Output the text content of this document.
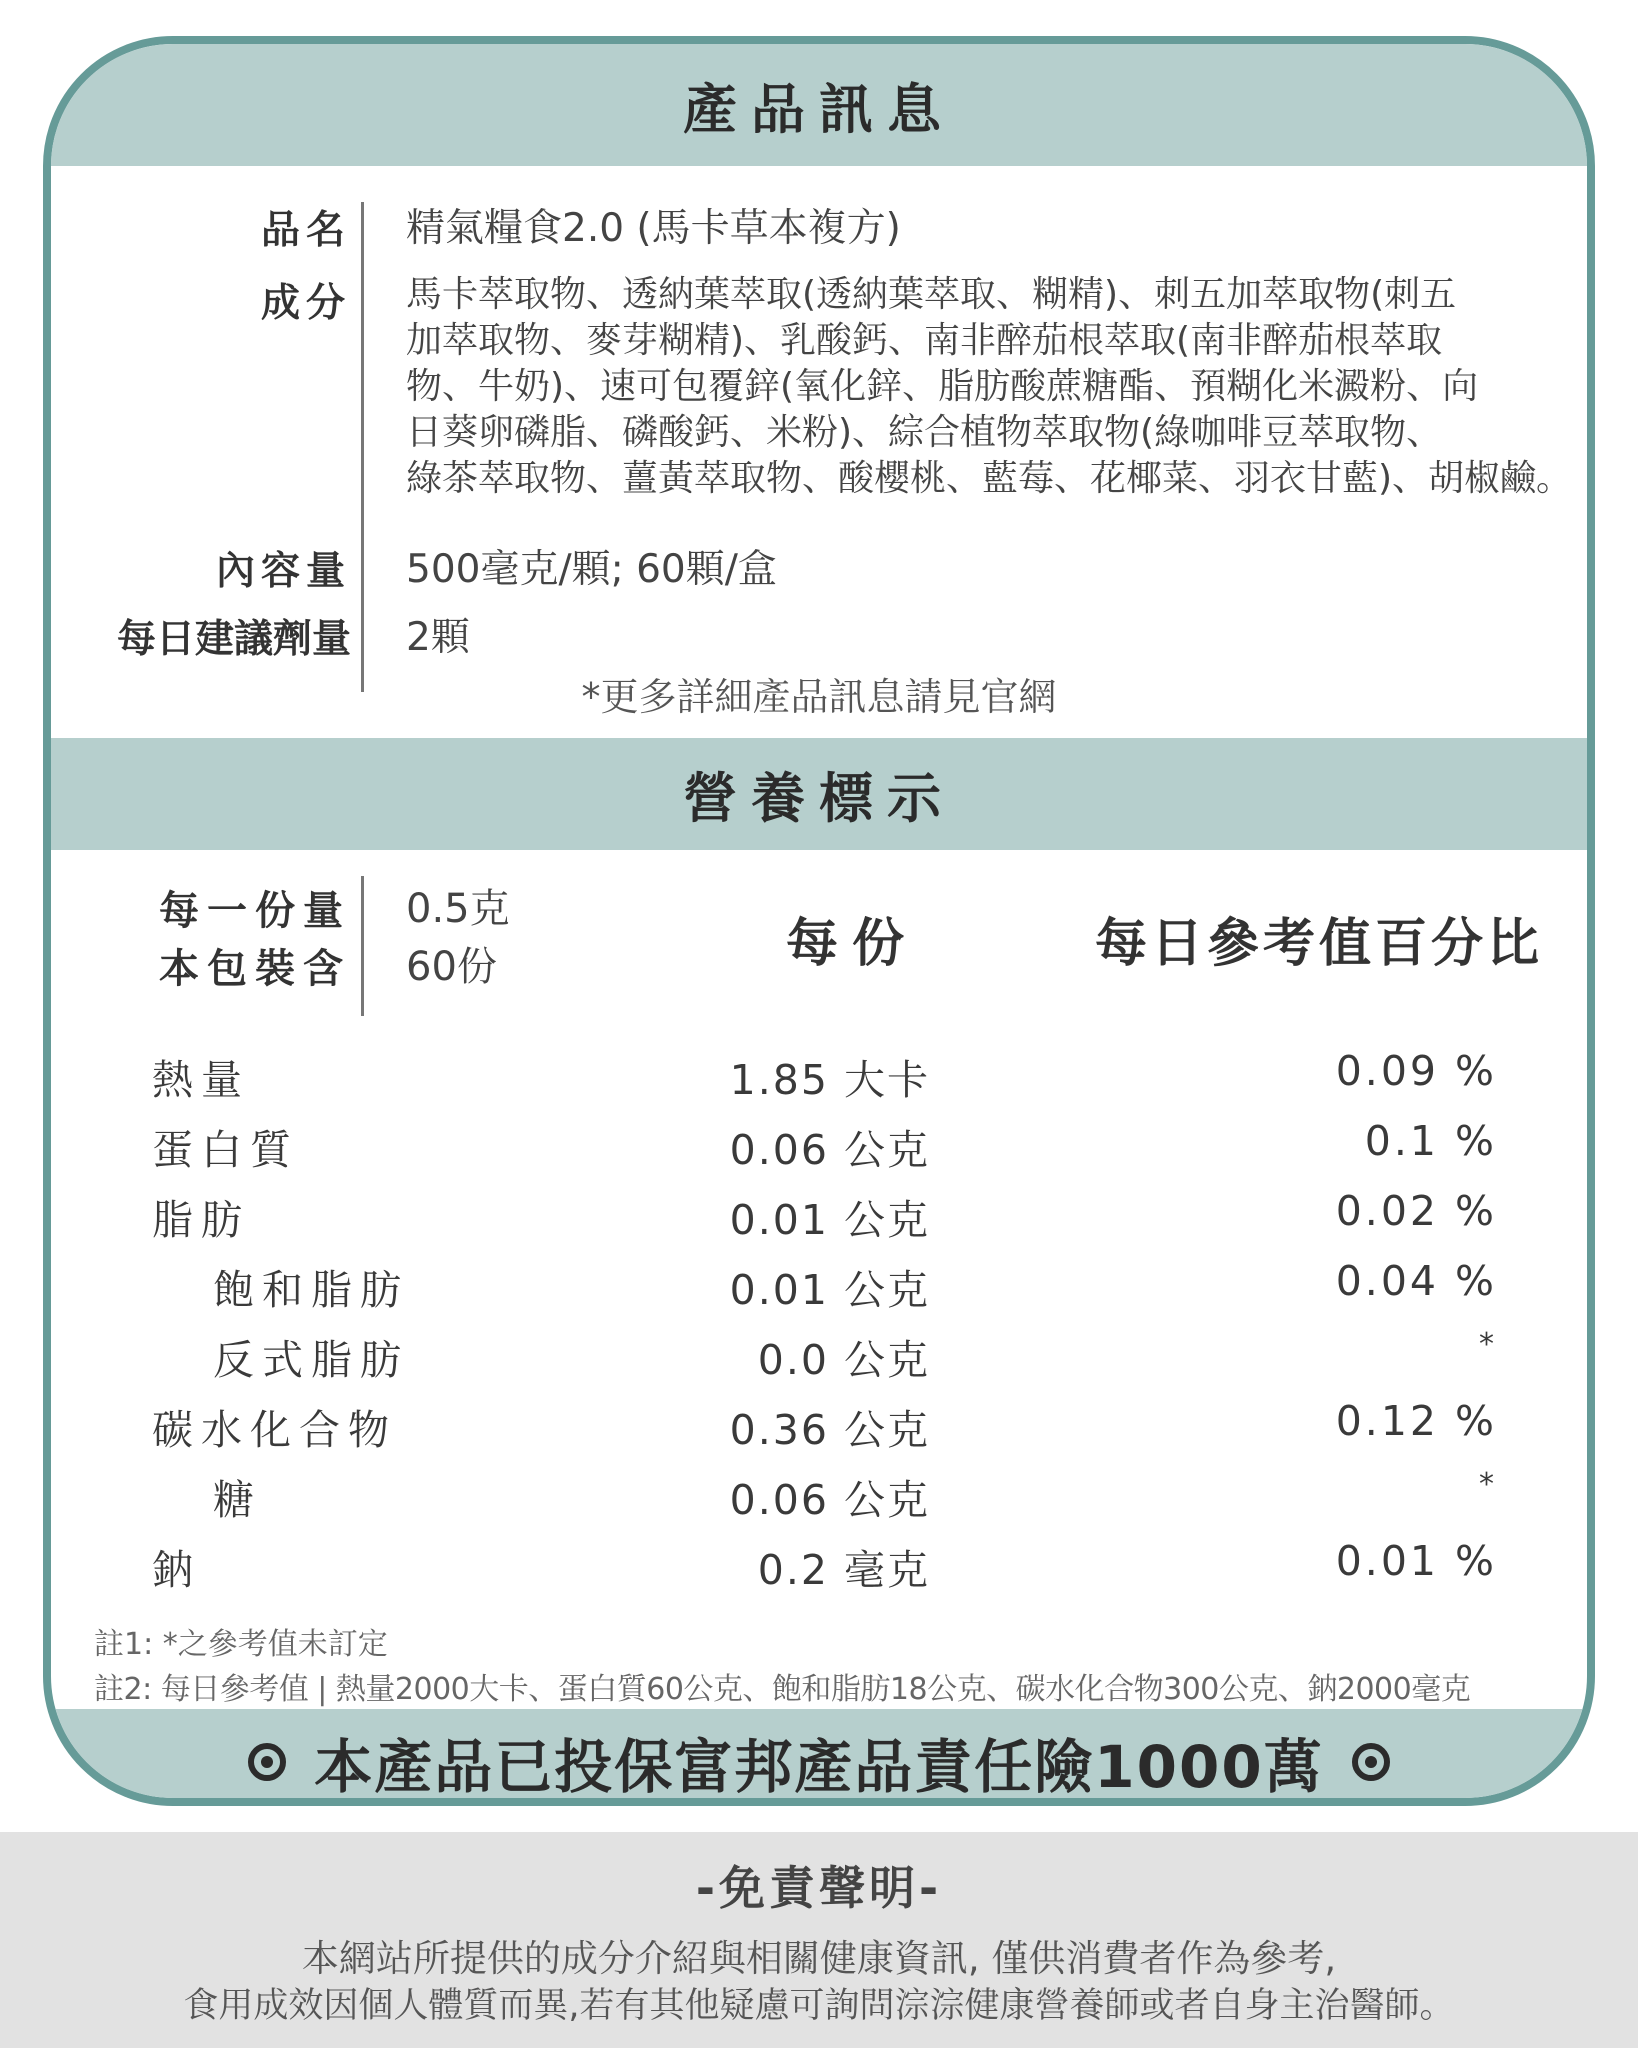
產品訊息
品名 精氣糧食2.0 (馬卡草本複方)
成分 馬卡萃取物、透納葉萃取(透納葉萃取、糊精)、刺五加萃取物(刺五
加萃取物、麥芽糊精)、乳酸鈣、南非醉茄根萃取(南非醉茄根萃取
物、牛奶)、速可包覆鋅(氧化鋅、脂肪酸蔗糖酯、預糊化米澱粉、向
日葵卵磷脂、磷酸鈣、米粉)、綜合植物萃取物(綠咖啡豆萃取物、
綠茶萃取物、薑黃萃取物、酸櫻桃、藍莓、花椰菜、羽衣甘藍)、胡椒鹼。
內容量 500毫克/顆; 60顆/盒
每日建議劑量 2顆
*更多詳細產品訊息請見官網
營養標示
每一份量 0.5克
本包裝含 60份	每份	每日參考值百分比
熱量	1.85 大卡	0.09 %
蛋白質	0.06 公克	0.1 %
脂肪	0.01 公克	0.02 %
飽和脂肪	0.01 公克	0.04 %
反式脂肪	0.0 公克	*
碳水化合物	0.36 公克	0.12 %
糖	0.06 公克	*
鈉	0.2 毫克	0.01 %
註1: *之參考值未訂定
註2: 每日參考值 | 熱量2000大卡、蛋白質60公克、飽和脂肪18公克、碳水化合物300公克、鈉2000毫克
本產品已投保富邦產品責任險1000萬
-免責聲明-
本網站所提供的成分介紹與相關健康資訊, 僅供消費者作為參考,
食用成效因個人體質而異,若有其他疑慮可詢問淙淙健康營養師或者自身主治醫師。
